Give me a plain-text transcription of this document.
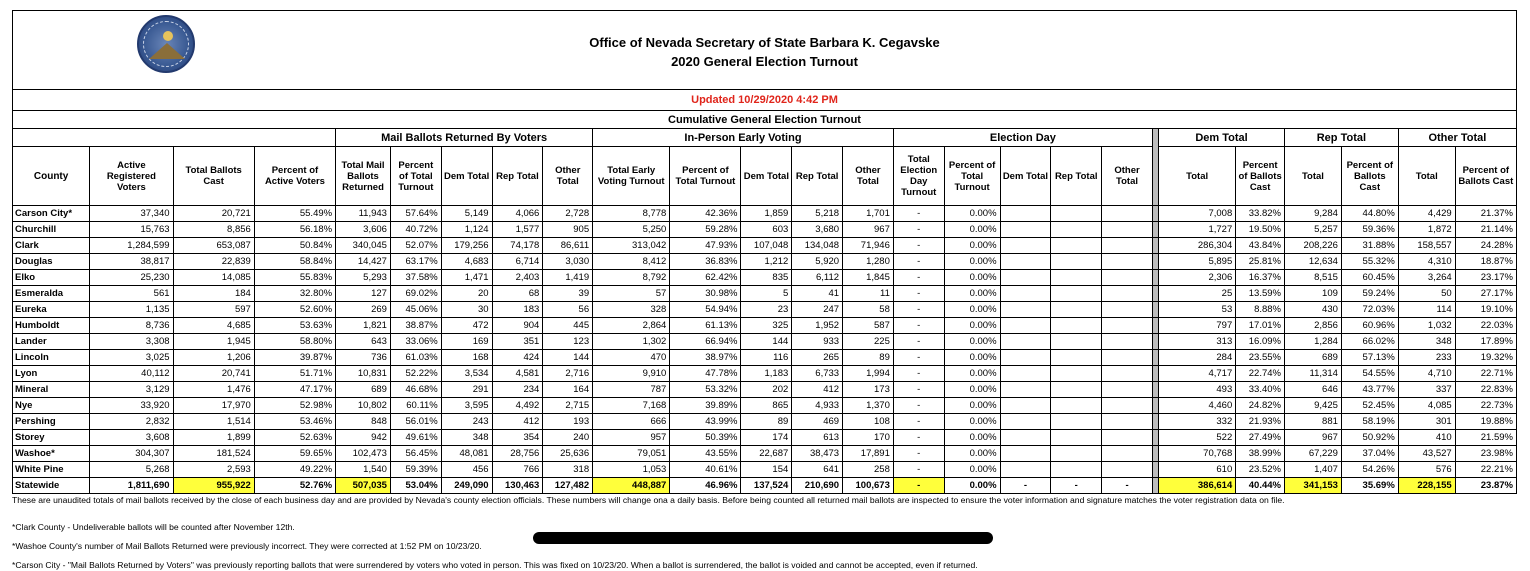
Office of Nevada Secretary of State Barbara K. Cegavske
2020 General Election Turnout
Updated 10/29/2020 4:42 PM																									
Cumulative General Election Turnout																									
				Mail Ballots Returned By Voters					In-Person Early Voting					Election Day						Dem Total		Rep Total		Other Total	
County	Active Registered Voters	Total Ballots Cast	Percent of Active Voters	Total Mail Ballots Returned	Percent of Total Turnout	Dem Total	Rep Total	Other Total	Total Early Voting Turnout	Percent of Total Turnout	Dem Total	Rep Total	Other Total	Total Election Day Turnout	Percent of Total Turnout	Dem Total	Rep Total	Other Total		Total	Percent of Ballots Cast	Total	Percent of Ballots Cast	Total	Percent of Ballots Cast
Carson City*	37,340	20,721	55.49%	11,943	57.64%	5,149	4,066	2,728	8,778	42.36%	1,859	5,218	1,701	-	0.00%					7,008	33.82%	9,284	44.80%	4,429	21.37%
Churchill	15,763	8,856	56.18%	3,606	40.72%	1,124	1,577	905	5,250	59.28%	603	3,680	967	-	0.00%					1,727	19.50%	5,257	59.36%	1,872	21.14%
Clark	1,284,599	653,087	50.84%	340,045	52.07%	179,256	74,178	86,611	313,042	47.93%	107,048	134,048	71,946	-	0.00%					286,304	43.84%	208,226	31.88%	158,557	24.28%
Douglas	38,817	22,839	58.84%	14,427	63.17%	4,683	6,714	3,030	8,412	36.83%	1,212	5,920	1,280	-	0.00%					5,895	25.81%	12,634	55.32%	4,310	18.87%
Elko	25,230	14,085	55.83%	5,293	37.58%	1,471	2,403	1,419	8,792	62.42%	835	6,112	1,845	-	0.00%					2,306	16.37%	8,515	60.45%	3,264	23.17%
Esmeralda	561	184	32.80%	127	69.02%	20	68	39	57	30.98%	5	41	11	-	0.00%					25	13.59%	109	59.24%	50	27.17%
Eureka	1,135	597	52.60%	269	45.06%	30	183	56	328	54.94%	23	247	58	-	0.00%					53	8.88%	430	72.03%	114	19.10%
Humboldt	8,736	4,685	53.63%	1,821	38.87%	472	904	445	2,864	61.13%	325	1,952	587	-	0.00%					797	17.01%	2,856	60.96%	1,032	22.03%
Lander	3,308	1,945	58.80%	643	33.06%	169	351	123	1,302	66.94%	144	933	225	-	0.00%					313	16.09%	1,284	66.02%	348	17.89%
Lincoln	3,025	1,206	39.87%	736	61.03%	168	424	144	470	38.97%	116	265	89	-	0.00%					284	23.55%	689	57.13%	233	19.32%
Lyon	40,112	20,741	51.71%	10,831	52.22%	3,534	4,581	2,716	9,910	47.78%	1,183	6,733	1,994	-	0.00%					4,717	22.74%	11,314	54.55%	4,710	22.71%
Mineral	3,129	1,476	47.17%	689	46.68%	291	234	164	787	53.32%	202	412	173	-	0.00%					493	33.40%	646	43.77%	337	22.83%
Nye	33,920	17,970	52.98%	10,802	60.11%	3,595	4,492	2,715	7,168	39.89%	865	4,933	1,370	-	0.00%					4,460	24.82%	9,425	52.45%	4,085	22.73%
Pershing	2,832	1,514	53.46%	848	56.01%	243	412	193	666	43.99%	89	469	108	-	0.00%					332	21.93%	881	58.19%	301	19.88%
Storey	3,608	1,899	52.63%	942	49.61%	348	354	240	957	50.39%	174	613	170	-	0.00%					522	27.49%	967	50.92%	410	21.59%
Washoe*	304,307	181,524	59.65%	102,473	56.45%	48,081	28,756	25,636	79,051	43.55%	22,687	38,473	17,891	-	0.00%					70,768	38.99%	67,229	37.04%	43,527	23.98%
White Pine	5,268	2,593	49.22%	1,540	59.39%	456	766	318	1,053	40.61%	154	641	258	-	0.00%					610	23.52%	1,407	54.26%	576	22.21%
Statewide	1,811,690	955,922	52.76%	507,035	53.04%	249,090	130,463	127,482	448,887	46.96%	137,524	210,690	100,673	-	0.00%	-	-	-		386,614	40.44%	341,153	35.69%	228,155	23.87%

These are unaudited totals of mail ballots received by the close of each business day and are provided by Nevada's county election officials. These numbers will change ona a daily basis. Before being counted all returned mail ballots are inspected to ensure the voter information and signature matches the voter registration data on file.

*Clark County - Undeliverable ballots will be counted after November 12th.

*Washoe County's number of Mail Ballots Returned were previously incorrect. They were corrected at 1:52 PM on 10/23/20.

*Carson City - "Mail Ballots Returned by Voters" was previously reporting ballots that were surrendered by voters who voted in person. This was fixed on 10/23/20. When a ballot is surrendered, the ballot is voided and cannot be accepted, even if returned.
